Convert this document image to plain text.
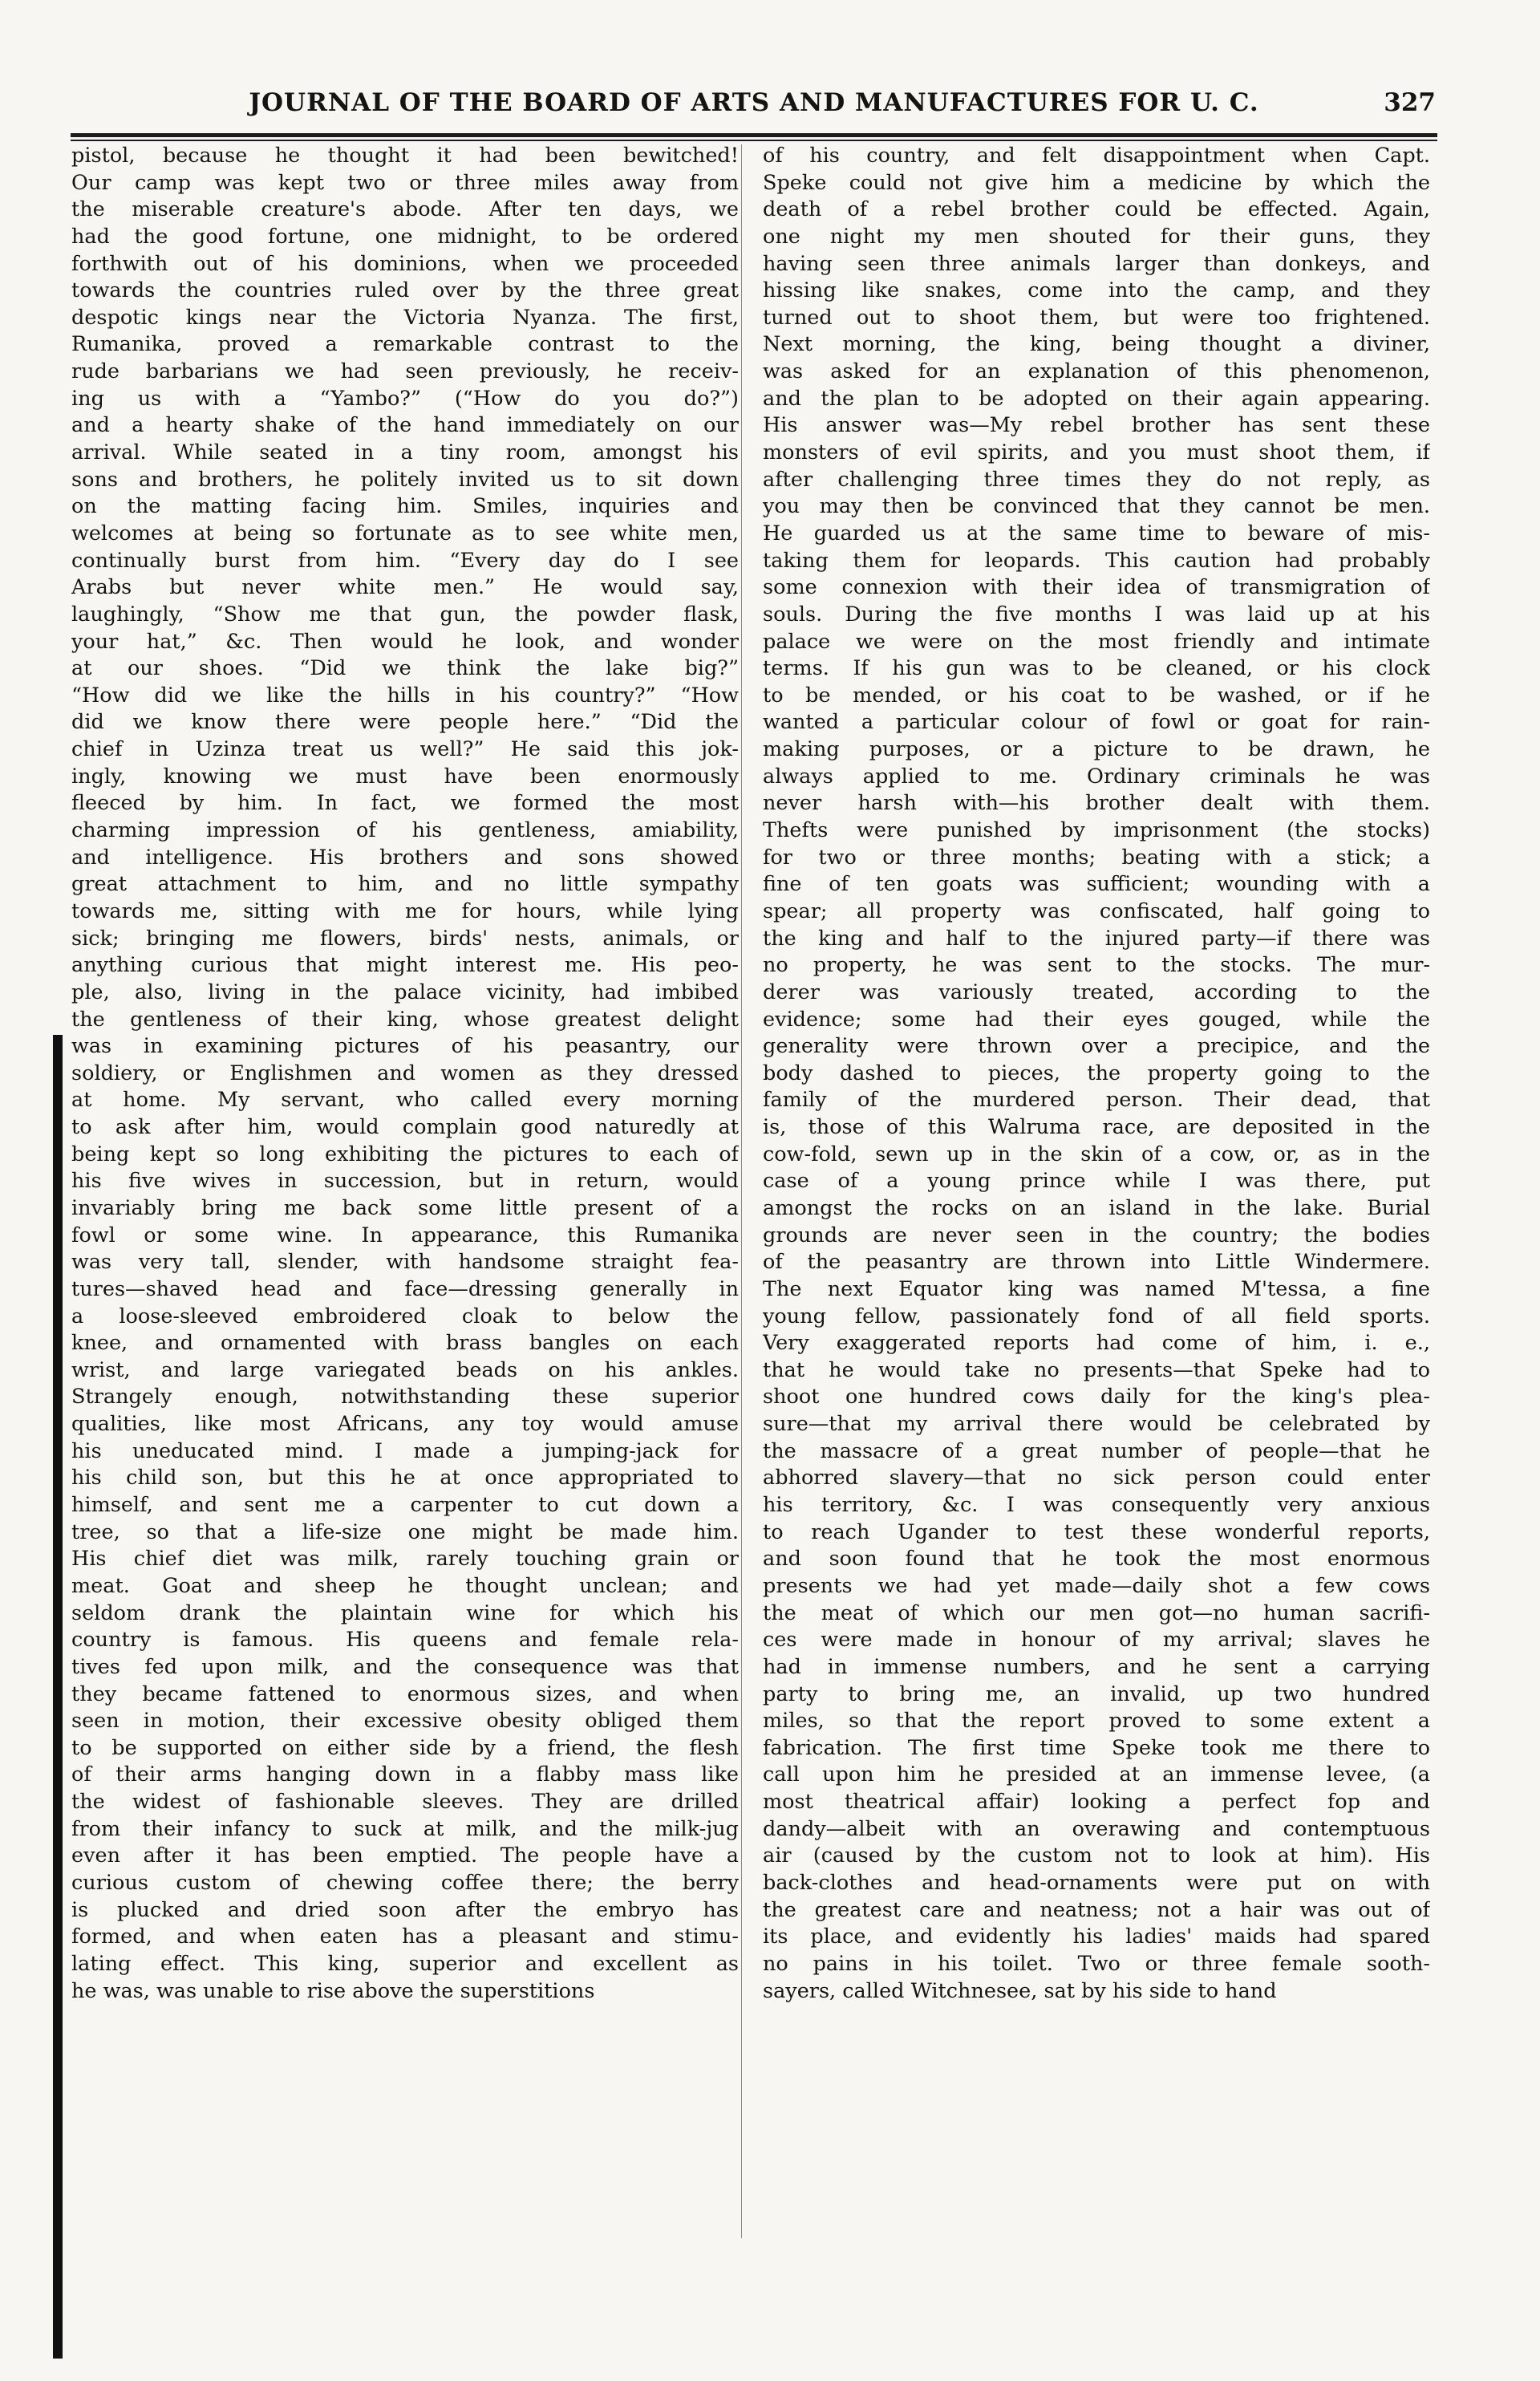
JOURNAL OF THE BOARD OF ARTS AND MANUFACTURES FOR U. C.	327
pistol, because he thought it had been bewitched!
Our camp was kept two or three miles away from
the miserable creature's abode. After ten days, we
had the good fortune, one midnight, to be ordered
forthwith out of his dominions, when we proceeded
towards the countries ruled over by the three great
despotic kings near the Victoria Nyanza. The first,
Rumanika, proved a remarkable contrast to the
rude barbarians we had seen previously, he receiv-
ing us with a “Yambo?” (“How do you do?”)
and a hearty shake of the hand immediately on our
arrival. While seated in a tiny room, amongst his
sons and brothers, he politely invited us to sit down
on the matting facing him. Smiles, inquiries and
welcomes at being so fortunate as to see white men,
continually burst from him. “Every day do I see
Arabs but never white men.” He would say,
laughingly, “Show me that gun, the powder flask,
your hat,” &c. Then would he look, and wonder
at our shoes. “Did we think the lake big?”
“How did we like the hills in his country?” “How
did we know there were people here.” “Did the
chief in Uzinza treat us well?” He said this jok-
ingly, knowing we must have been enormously
fleeced by him. In fact, we formed the most
charming impression of his gentleness, amiability,
and intelligence. His brothers and sons showed
great attachment to him, and no little sympathy
towards me, sitting with me for hours, while lying
sick; bringing me flowers, birds' nests, animals, or
anything curious that might interest me. His peo-
ple, also, living in the palace vicinity, had imbibed
the gentleness of their king, whose greatest delight
was in examining pictures of his peasantry, our
soldiery, or Englishmen and women as they dressed
at home. My servant, who called every morning
to ask after him, would complain good naturedly at
being kept so long exhibiting the pictures to each of
his five wives in succession, but in return, would
invariably bring me back some little present of a
fowl or some wine. In appearance, this Rumanika
was very tall, slender, with handsome straight fea-
tures—shaved head and face—dressing generally in
a loose-sleeved embroidered cloak to below the
knee, and ornamented with brass bangles on each
wrist, and large variegated beads on his ankles.
Strangely enough, notwithstanding these superior
qualities, like most Africans, any toy would amuse
his uneducated mind. I made a jumping-jack for
his child son, but this he at once appropriated to
himself, and sent me a carpenter to cut down a
tree, so that a life-size one might be made him.
His chief diet was milk, rarely touching grain or
meat. Goat and sheep he thought unclean; and
seldom drank the plaintain wine for which his
country is famous. His queens and female rela-
tives fed upon milk, and the consequence was that
they became fattened to enormous sizes, and when
seen in motion, their excessive obesity obliged them
to be supported on either side by a friend, the flesh
of their arms hanging down in a flabby mass like
the widest of fashionable sleeves. They are drilled
from their infancy to suck at milk, and the milk-jug
even after it has been emptied. The people have a
curious custom of chewing coffee there; the berry
is plucked and dried soon after the embryo has
formed, and when eaten has a pleasant and stimu-
lating effect. This king, superior and excellent as
he was, was unable to rise above the superstitions
of his country, and felt disappointment when Capt.
Speke could not give him a medicine by which the
death of a rebel brother could be effected. Again,
one night my men shouted for their guns, they
having seen three animals larger than donkeys, and
hissing like snakes, come into the camp, and they
turned out to shoot them, but were too frightened.
Next morning, the king, being thought a diviner,
was asked for an explanation of this phenomenon,
and the plan to be adopted on their again appearing.
His answer was—My rebel brother has sent these
monsters of evil spirits, and you must shoot them, if
after challenging three times they do not reply, as
you may then be convinced that they cannot be men.
He guarded us at the same time to beware of mis-
taking them for leopards. This caution had probably
some connexion with their idea of transmigration of
souls. During the five months I was laid up at his
palace we were on the most friendly and intimate
terms. If his gun was to be cleaned, or his clock
to be mended, or his coat to be washed, or if he
wanted a particular colour of fowl or goat for rain-
making purposes, or a picture to be drawn, he
always applied to me. Ordinary criminals he was
never harsh with—his brother dealt with them.
Thefts were punished by imprisonment (the stocks)
for two or three months; beating with a stick; a
fine of ten goats was sufficient; wounding with a
spear; all property was confiscated, half going to
the king and half to the injured party—if there was
no property, he was sent to the stocks. The mur-
derer was variously treated, according to the
evidence; some had their eyes gouged, while the
generality were thrown over a precipice, and the
body dashed to pieces, the property going to the
family of the murdered person. Their dead, that
is, those of this Walruma race, are deposited in the
cow-fold, sewn up in the skin of a cow, or, as in the
case of a young prince while I was there, put
amongst the rocks on an island in the lake. Burial
grounds are never seen in the country; the bodies
of the peasantry are thrown into Little Windermere.
The next Equator king was named M'tessa, a fine
young fellow, passionately fond of all field sports.
Very exaggerated reports had come of him, i. e.,
that he would take no presents—that Speke had to
shoot one hundred cows daily for the king's plea-
sure—that my arrival there would be celebrated by
the massacre of a great number of people—that he
abhorred slavery—that no sick person could enter
his territory, &c. I was consequently very anxious
to reach Ugander to test these wonderful reports,
and soon found that he took the most enormous
presents we had yet made—daily shot a few cows
the meat of which our men got—no human sacrifi-
ces were made in honour of my arrival; slaves he
had in immense numbers, and he sent a carrying
party to bring me, an invalid, up two hundred
miles, so that the report proved to some extent a
fabrication. The first time Speke took me there to
call upon him he presided at an immense levee, (a
most theatrical affair) looking a perfect fop and
dandy—albeit with an overawing and contemptuous
air (caused by the custom not to look at him). His
back-clothes and head-ornaments were put on with
the greatest care and neatness; not a hair was out of
its place, and evidently his ladies' maids had spared
no pains in his toilet. Two or three female sooth-
sayers, called Witchnesee, sat by his side to hand
